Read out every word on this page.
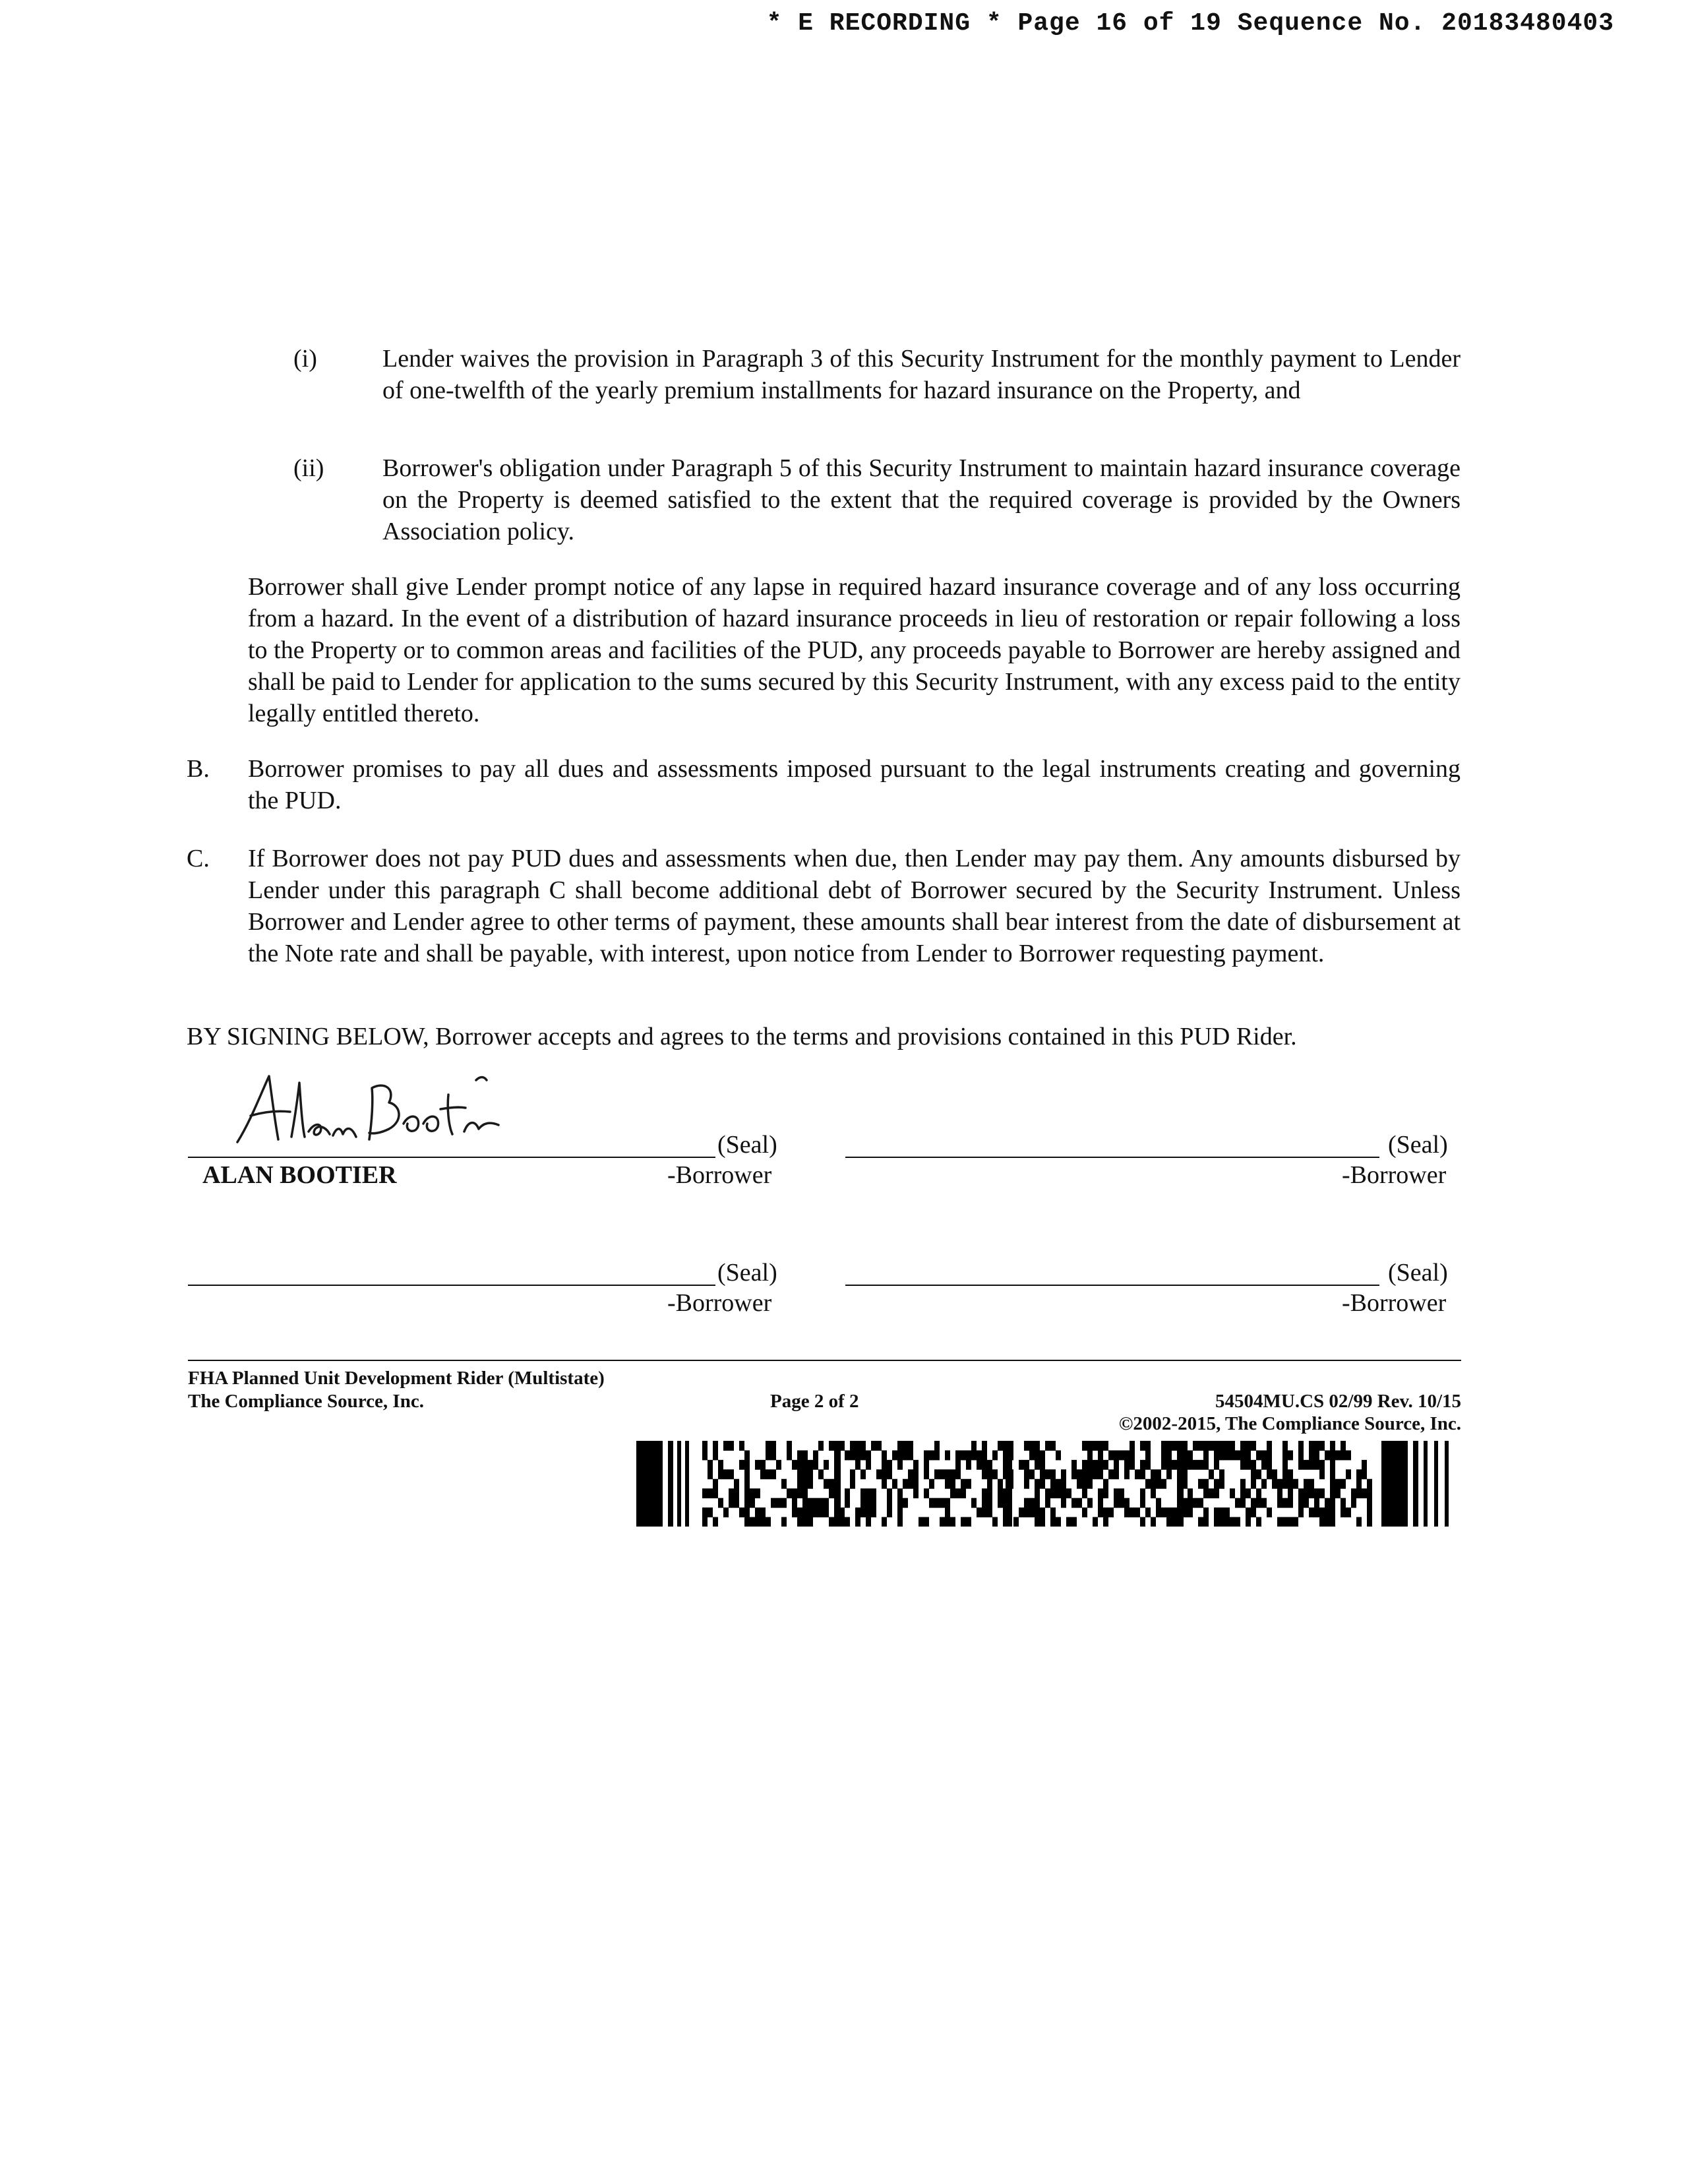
* E RECORDING * Page 16 of 19 Sequence No. 20183480403
(i)	Lender waives the provision in Paragraph 3 of this Security Instrument for the monthly payment to Lender of one-twelfth of the yearly premium installments for hazard insurance on the Property, and
(ii) Borrower's obligation under Paragraph 5 of this Security Instrument to maintain hazard insurance coverage on the Property is deemed satisfied to the extent that the required coverage is provided by the Owners Association policy.
Borrower shall give Lender prompt notice of any lapse in required hazard insurance coverage and of any loss occurring from a hazard. In the event of a distribution of hazard insurance proceeds in lieu of restoration or repair following a loss to the Property or to common areas and facilities of the PUD, any proceeds payable to Borrower are hereby assigned and shall be paid to Lender for application to the sums secured by this Security Instrument, with any excess paid to the entity legally entitled thereto.
B. Borrower promises to pay all dues and assessments imposed pursuant to the legal instruments creating and governing the PUD.
C. If Borrower does not pay PUD dues and assessments when due, then Lender may pay them. Any amounts disbursed by Lender under this paragraph C shall become additional debt of Borrower secured by the Security Instrument. Unless Borrower and Lender agree to other terms of payment, these amounts shall bear interest from the date of disbursement at the Note rate and shall be payable, with interest, upon notice from Lender to Borrower requesting payment.
BY SIGNING BELOW, Borrower accepts and agrees to the terms and provisions contained in this PUD Rider.
(Seal)
ALAN BOOTIER	-Borrower
(Seal)
-Borrower
(Seal)
-Borrower
(Seal)
-Borrower
FHA Planned Unit Development Rider (Multistate)
The Compliance Source, Inc.	Page 2 of 2	54504MU.CS 02/99 Rev. 10/15
©2002-2015, The Compliance Source, Inc.
